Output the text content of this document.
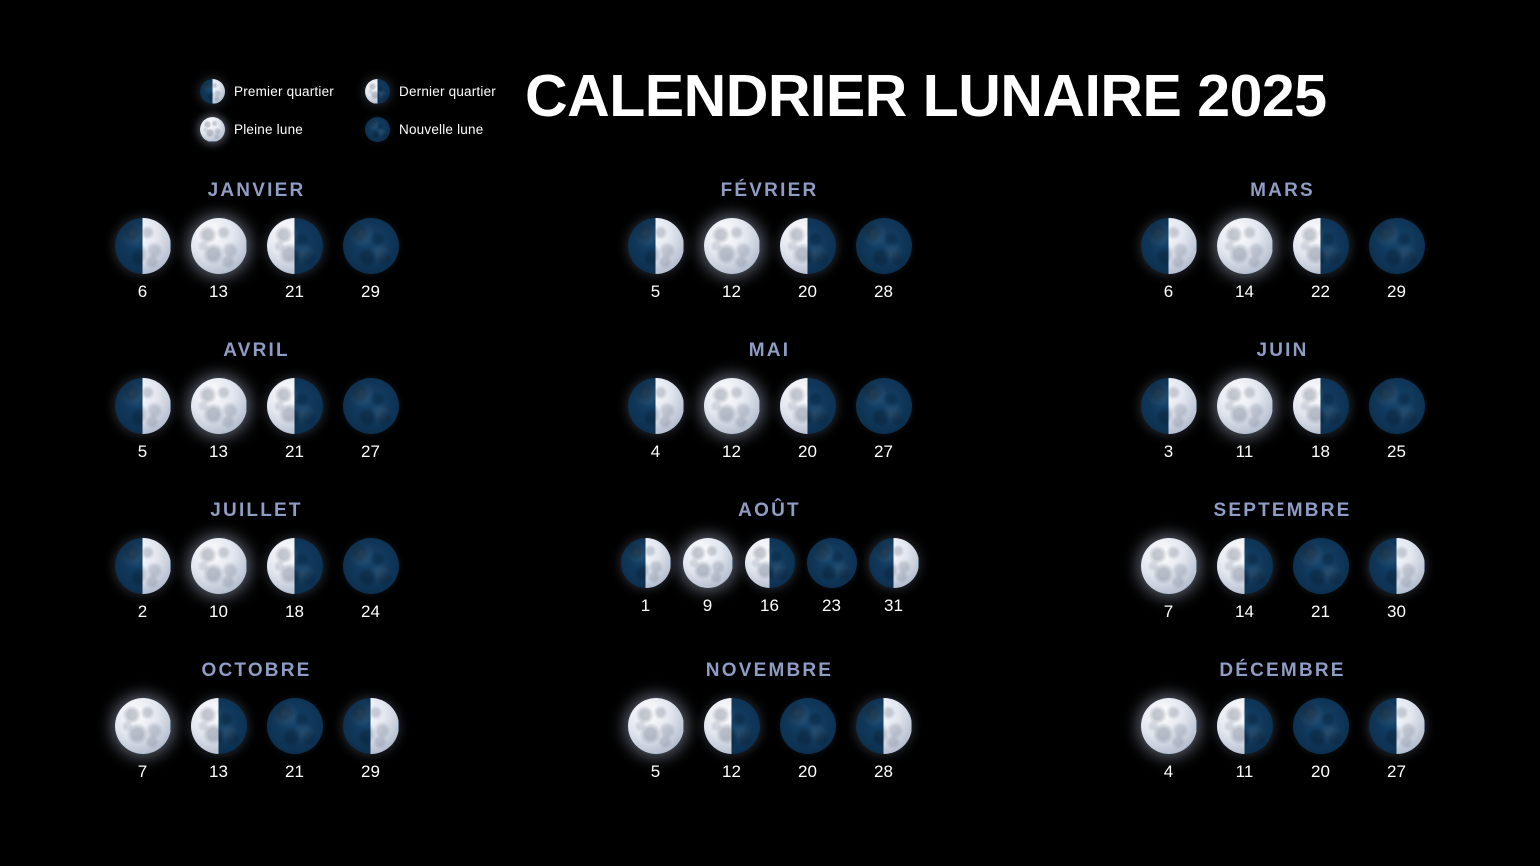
Premier quartier	Dernier quartier
Pleine lune	Nouvelle lune CALENDRIER LUNAIRE 2025
JANVIER
6	13	21	29
FÉVRIER
5	12	20	28
MARS
6	14	22	29
AVRIL
5	13	21	27
MAI
4	12	20	27
JUIN
3	11	18	25
JUILLET
2	10	18	24
AOÛT
1	9	16	23	31
SEPTEMBRE
7	14	21	30
OCTOBRE
7	13	21	29
NOVEMBRE
5	12	20	28
DÉCEMBRE
4	11	20	27
